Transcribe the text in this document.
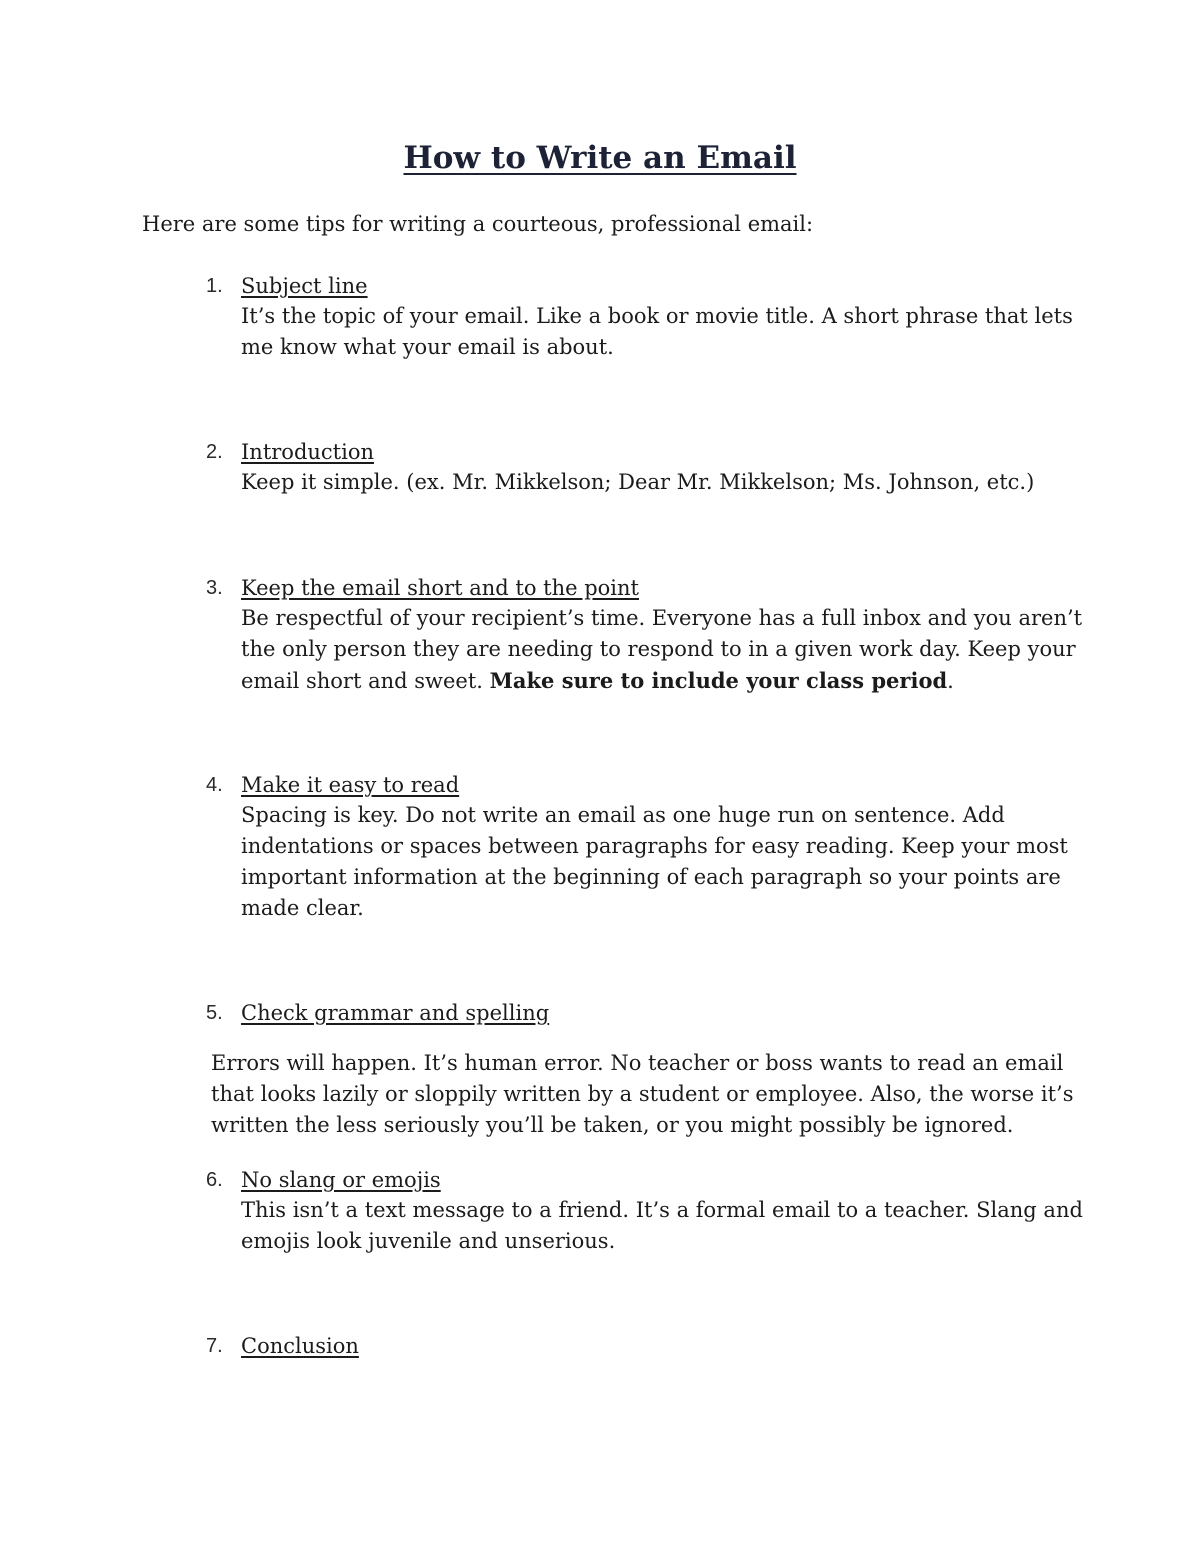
How to Write an Email
Here are some tips for writing a courteous, professional email:
1. Subject line
It’s the topic of your email. Like a book or movie title. A short phrase that lets
me know what your email is about.
2. Introduction
Keep it simple. (ex. Mr. Mikkelson; Dear Mr. Mikkelson; Ms. Johnson, etc.)
3. Keep the email short and to the point
Be respectful of your recipient’s time. Everyone has a full inbox and you aren’t
the only person they are needing to respond to in a given work day. Keep your
email short and sweet. Make sure to include your class period.
4. Make it easy to read
Spacing is key. Do not write an email as one huge run on sentence. Add
indentations or spaces between paragraphs for easy reading. Keep your most
important information at the beginning of each paragraph so your points are
made clear.
5. Check grammar and spelling
Errors will happen. It’s human error. No teacher or boss wants to read an email
that looks lazily or sloppily written by a student or employee. Also, the worse it’s
written the less seriously you’ll be taken, or you might possibly be ignored.
6. No slang or emojis
This isn’t a text message to a friend. It’s a formal email to a teacher. Slang and
emojis look juvenile and unserious.
7. Conclusion
